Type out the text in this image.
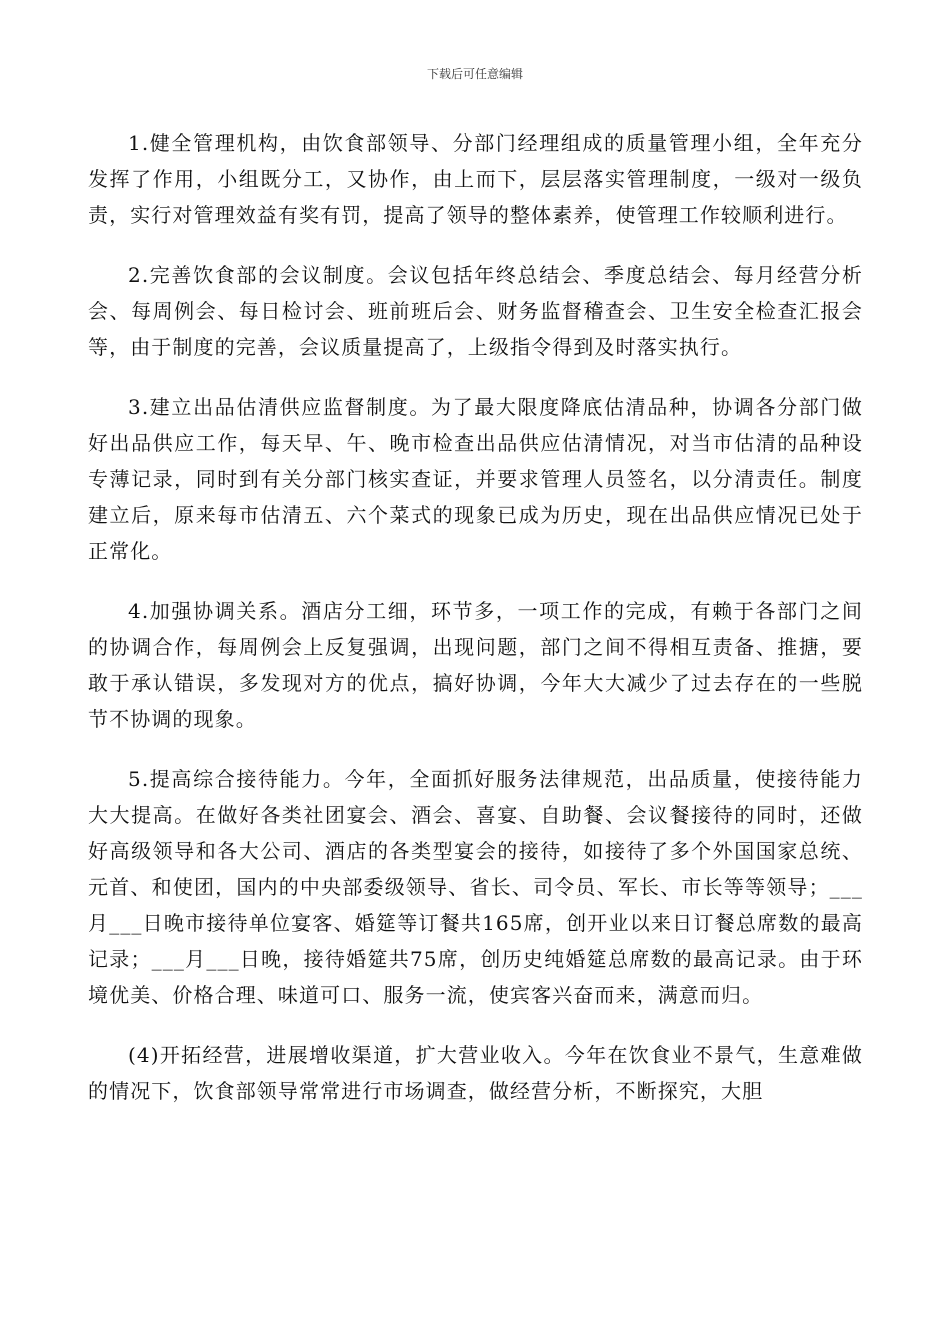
下载后可任意编辑

1.健全管理机构，由饮食部领导、分部门经理组成的质量管理小组，全年充分发挥了作用，小组既分工，又协作，由上而下，层层落实管理制度，一级对一级负责，实行对管理效益有奖有罚，提高了领导的整体素养，使管理工作较顺利进行。

2.完善饮食部的会议制度。会议包括年终总结会、季度总结会、每月经营分析会、每周例会、每日检讨会、班前班后会、财务监督稽查会、卫生安全检查汇报会等，由于制度的完善，会议质量提高了，上级指令得到及时落实执行。

3.建立出品估清供应监督制度。为了最大限度降底估清品种，协调各分部门做好出品供应工作，每天早、午、晚市检查出品供应估清情况，对当市估清的品种设专薄记录，同时到有关分部门核实查证，并要求管理人员签名，以分清责任。制度建立后，原来每市估清五、六个菜式的现象已成为历史，现在出品供应情况已处于正常化。

4.加强协调关系。酒店分工细，环节多，一项工作的完成，有赖于各部门之间的协调合作，每周例会上反复强调，出现问题，部门之间不得相互责备、推搪，要敢于承认错误，多发现对方的优点，搞好协调，今年大大减少了过去存在的一些脱节不协调的现象。

5.提高综合接待能力。今年，全面抓好服务法律规范，出品质量，使接待能力大大提高。在做好各类社团宴会、酒会、喜宴、自助餐、会议餐接待的同时，还做好高级领导和各大公司、酒店的各类型宴会的接待，如接待了多个外国国家总统、元首、和使团，国内的中央部委级领导、省长、司令员、军长、市长等等领导；___月___日晚市接待单位宴客、婚筵等订餐共165席，创开业以来日订餐总席数的最高记录；___月___日晚，接待婚筵共75席，创历史纯婚筵总席数的最高记录。由于环境优美、价格合理、味道可口、服务一流，使宾客兴奋而来，满意而归。

(4)开拓经营，进展增收渠道，扩大营业收入。今年在饮食业不景气，生意难做的情况下，饮食部领导常常进行市场调查，做经营分析，不断探究，大胆
